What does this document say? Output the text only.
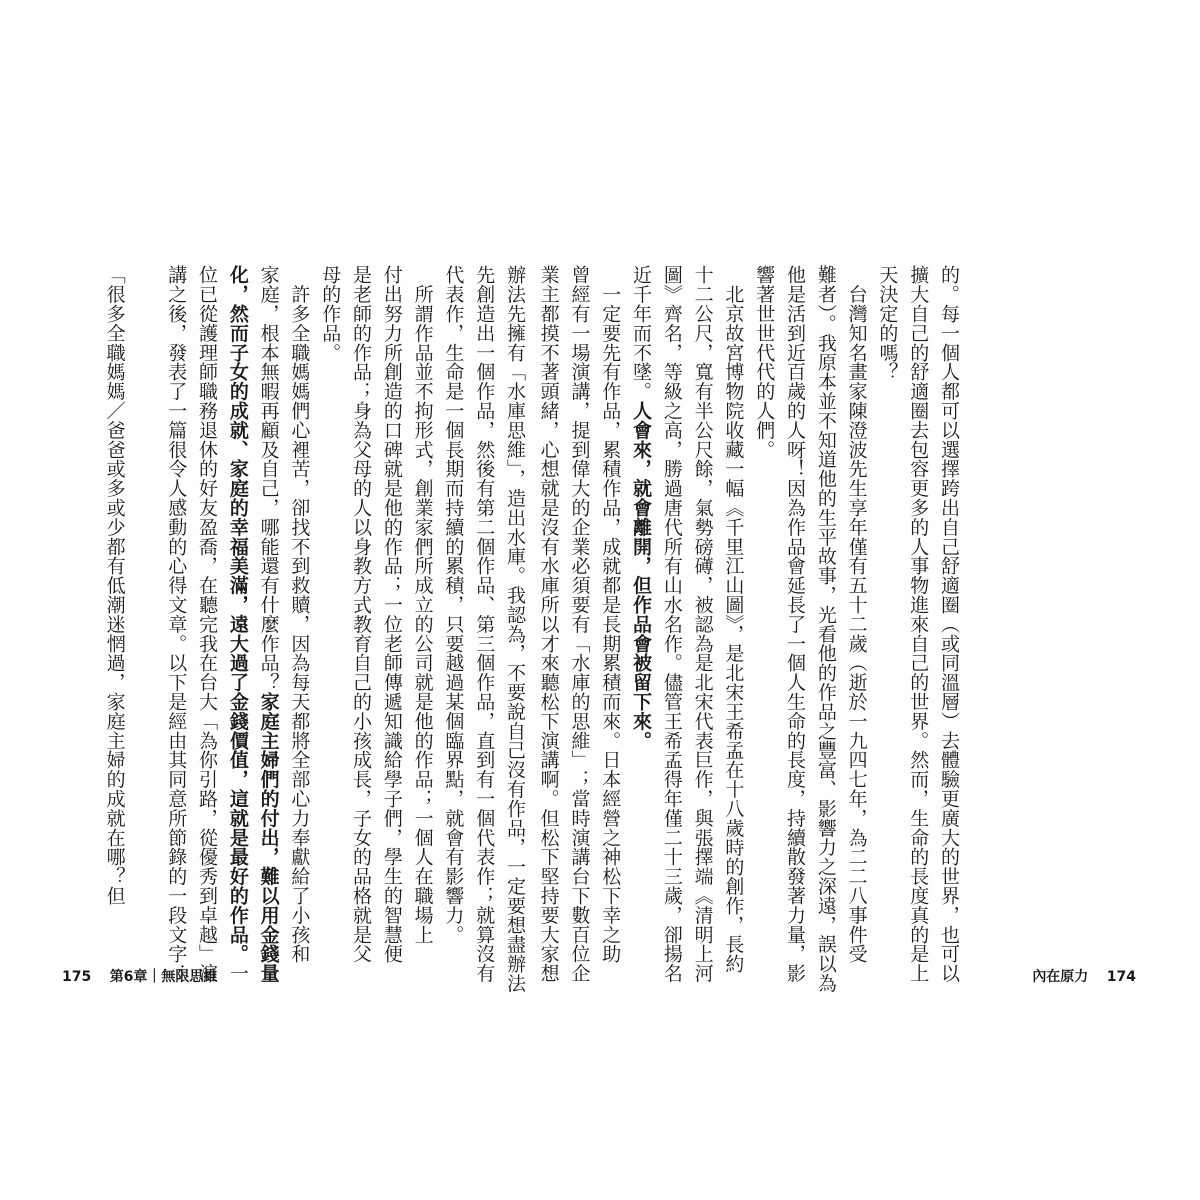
辦法先擁有「水庫思維」，造出水庫。我認為，不要說自己沒有作品，一定要想盡辦法
先創造出一個作品，然後有第二個作品、第三個作品，直到有一個代表作；就算沒有
代表作，生命是一個長期而持續的累積，只要越過某個臨界點，就會有影響力。
　所謂作品並不拘形式，創業家們所成立的公司就是他的作品；一個人在職場上
付出努力所創造的口碑就是他的作品；一位老師傳遞知識給學子們，學生的智慧便
是老師的作品；身為父母的人以身教方式教育自己的小孩成長，子女的品格就是父
母的作品。
　許多全職媽媽們心裡苦，卻找不到救贖，因為每天都將全部心力奉獻給了小孩和
家庭，根本無暇再顧及自己，哪能還有什麼作品？家庭主婦們的付出，難以用金錢量
化，然而子女的成就、家庭的幸福美滿，遠大過了金錢價值，這就是最好的作品。一
位已從護理師職務退休的好友盈喬，在聽完我在台大「為你引路，從優秀到卓越」演
講之後，發表了一篇很令人感動的心得文章。以下是經由其同意所節錄的一段文字：

「很多全職媽媽／爸爸或多或少都有低潮迷惘過，家庭主婦的成就在哪？但
175 第6章｜無限思維	的。每一個人都可以選擇跨出自己舒適圈（或同溫層）去體驗更廣大的世界，也可以
擴大自己的舒適圈去包容更多的人事物進來自己的世界。然而，生命的長度真的是上
天決定的嗎？
　台灣知名畫家陳澄波先生享年僅有五十二歲（逝於一九四七年，為二二八事件受
難者）。我原本並不知道他的生平故事，光看他的作品之豐富、影響力之深遠，誤以為
他是活到近百歲的人呀！因為作品會延長了一個人生命的長度，持續散發著力量，影
響著世世代代的人們。
　北京故宮博物院收藏一幅《千里江山圖》，是北宋王希孟在十八歲時的創作，長約
十二公尺，寬有半公尺餘，氣勢磅礡，被認為是北宋代表巨作，與張擇端《清明上河
圖》齊名，等級之高，勝過唐代所有山水名作。儘管王希孟得年僅二十三歲，卻揚名
近千年而不墜。人會來，就會離開，但作品會被留下來。
　一定要先有作品，累積作品，成就都是長期累積而來。日本經營之神松下幸之助
曾經有一場演講，提到偉大的企業必須要有「水庫的思維」；當時演講台下數百位企
業主都摸不著頭緒，心想就是沒有水庫所以才來聽松下演講啊。但松下堅持要大家想	內在原力 174
